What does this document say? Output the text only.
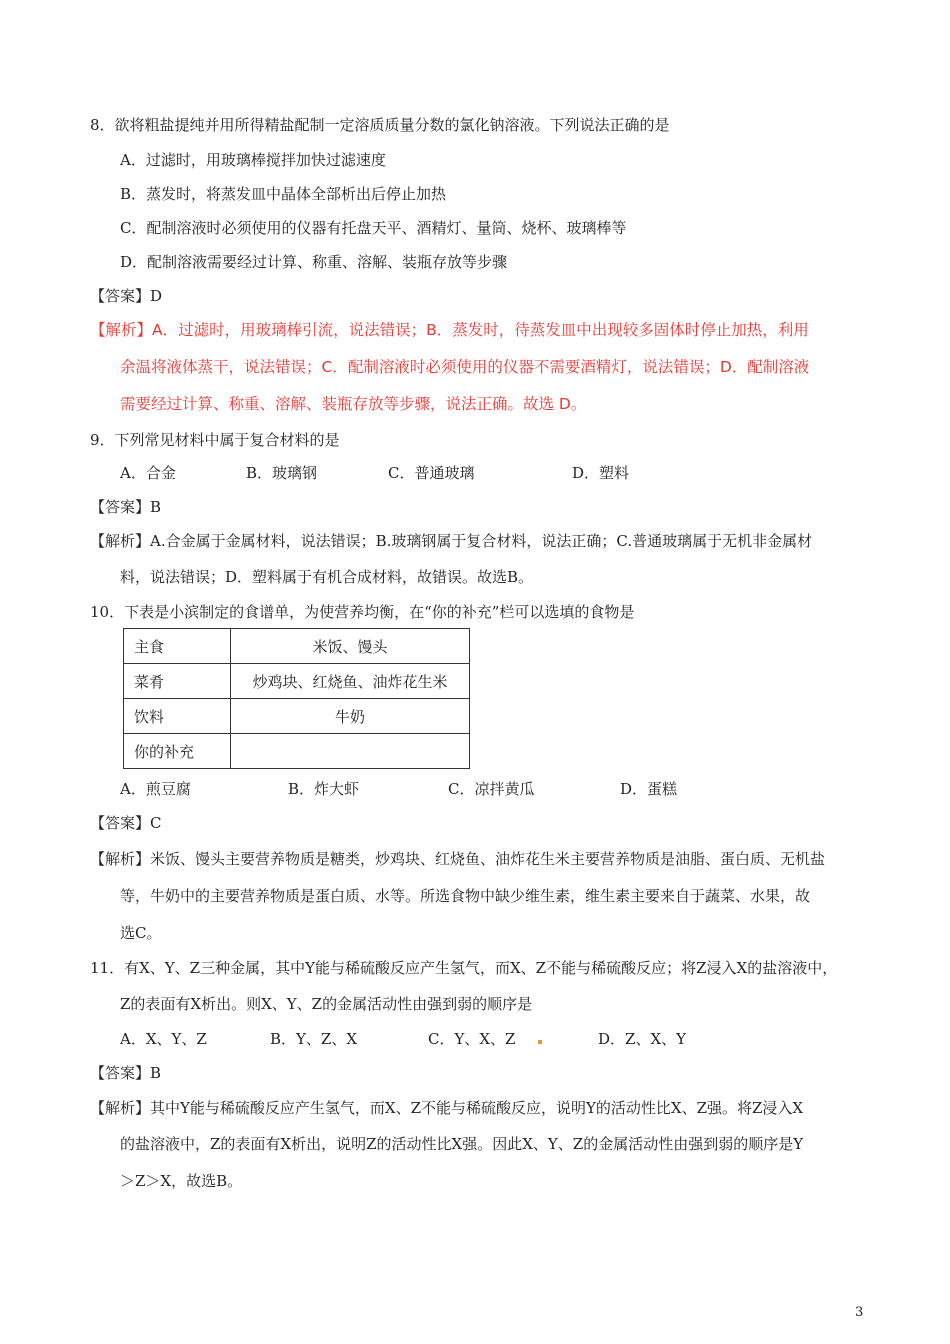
8．欲将粗盐提纯并用所得精盐配制一定溶质质量分数的氯化钠溶液。下列说法正确的是
A．过滤时，用玻璃棒搅拌加快过滤速度
B．蒸发时，将蒸发皿中晶体全部析出后停止加热
C．配制溶液时必须使用的仪器有托盘天平、酒精灯、量筒、烧杯、玻璃棒等
D．配制溶液需要经过计算、称重、溶解、装瓶存放等步骤
【答案】D
【解析】A．过滤时，用玻璃棒引流，说法错误；B．蒸发时，待蒸发皿中出现较多固体时停止加热，利用
余温将液体蒸干，说法错误；C．配制溶液时必须使用的仪器不需要酒精灯，说法错误；D．配制溶液
需要经过计算、称重、溶解、装瓶存放等步骤，说法正确。故选 D。
9．下列常见材料中属于复合材料的是
A．合金	B．玻璃钢	C．普通玻璃	D．塑料
【答案】B
【解析】A.合金属于金属材料，说法错误；B.玻璃钢属于复合材料，说法正确；C.普通玻璃属于无机非金属材
料，说法错误；D．塑料属于有机合成材料，故错误。故选B。
10．下表是小滨制定的食谱单，为使营养均衡，在“你的补充”栏可以选填的食物是
主食	米饭、馒头
菜肴	炒鸡块、红烧鱼、油炸花生米
饮料	牛奶
你的补充	
A．煎豆腐	B．炸大虾	C．凉拌黄瓜	D．蛋糕
【答案】C
【解析】米饭、馒头主要营养物质是糖类，炒鸡块、红烧鱼、油炸花生米主要营养物质是油脂、蛋白质、无机盐
等，牛奶中的主要营养物质是蛋白质、水等。所选食物中缺少维生素，维生素主要来自于蔬菜、水果，故
选C。
11．有X、Y、Z三种金属，其中Y能与稀硫酸反应产生氢气，而X、Z不能与稀硫酸反应；将Z浸入X的盐溶液中，
Z的表面有X析出。则X、Y、Z的金属活动性由强到弱的顺序是
A．X、Y、Z	B．Y、Z、X	C．Y、X、Z	D．Z、X、Y
【答案】B
【解析】其中Y能与稀硫酸反应产生氢气，而X、Z不能与稀硫酸反应，说明Y的活动性比X、Z强。将Z浸入X
的盐溶液中，Z的表面有X析出，说明Z的活动性比X强。因此X、Y、Z的金属活动性由强到弱的顺序是Y
＞Z＞X，故选B。
3
